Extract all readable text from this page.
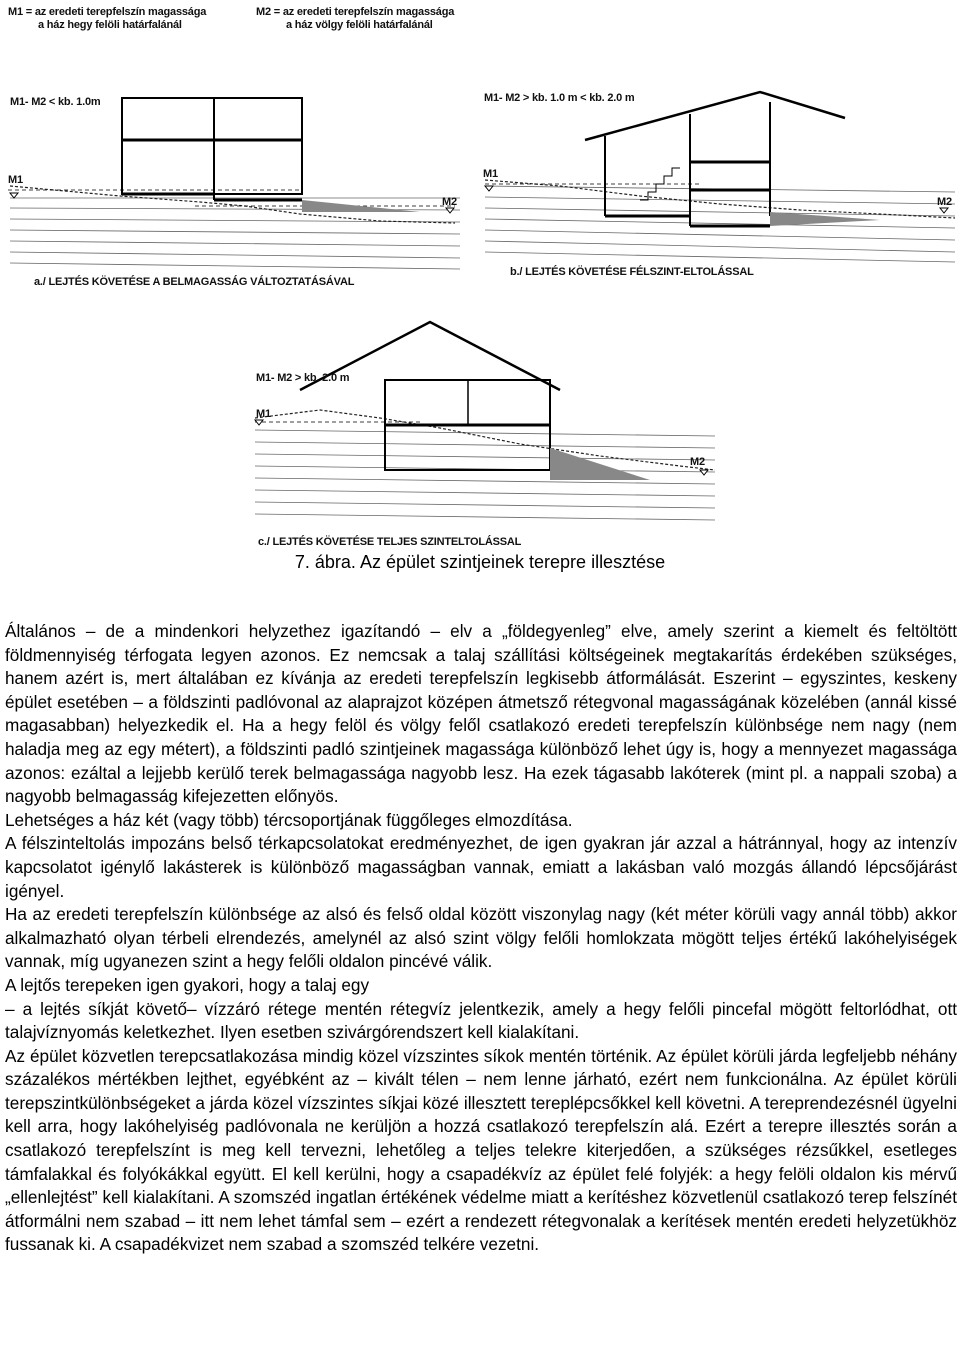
M1 = az eredeti terepfelszín magassága
a ház hegy felöli határfalánál
M2 = az eredeti terepfelszín magassága
a ház völgy felöli határfalánál
M1- M2 < kb. 1.0m
M1
M2
a./ LEJTÉS KÖVETÉSE A BELMAGASSÁG VÁLTOZTATÁSÁVAL
M1- M2 > kb. 1.0 m < kb. 2.0 m
M1
M2
b./ LEJTÉS KÖVETÉSE FÉLSZINT-ELTOLÁSSAL
M1- M2 > kb. 2.0 m
M1
M2
c./ LEJTÉS KÖVETÉSE TELJES SZINTELTOLÁSSAL
7. ábra. Az épület szintjeinek terepre illesztése

Általános – de a mindenkori helyzethez igazítandó – elv a „földegyenleg” elve, amely szerint a kiemelt és feltöltött földmennyiség térfogata legyen azonos. Ez nemcsak a talaj szállítási költségeinek megtakarítás érdekében szükséges, hanem azért is, mert általában ez kívánja az eredeti terepfelszín legkisebb átformálását. Eszerint – egyszintes, keskeny épület esetében – a földszinti padlóvonal az alaprajzot középen átmetsző rétegvonal magasságának közelében (annál kissé magasabban) helyezkedik el. Ha a hegy felöl és völgy felől csatlakozó eredeti terepfelszín különbsége nem nagy (nem haladja meg az egy métert), a földszinti padló szintjeinek magassága különböző lehet úgy is, hogy a mennyezet magassága azonos: ezáltal a lejjebb kerülő terek belmagassága nagyobb lesz. Ha ezek tágasabb lakóterek (mint pl. a nappali szoba) a nagyobb belmagasság kifejezetten előnyös.

Lehetséges a ház két (vagy több) tércsoportjának függőleges elmozdítása.

A félszinteltolás impozáns belső térkapcsolatokat eredményezhet, de igen gyakran jár azzal a hátránnyal, hogy az intenzív kapcsolatot igénylő lakásterek is különböző magasságban vannak, emiatt a lakásban való mozgás állandó lépcsőjárást igényel.

Ha az eredeti terepfelszín különbsége az alsó és felső oldal között viszonylag nagy (két méter körüli vagy annál több) akkor alkalmazható olyan térbeli elrendezés, amelynél az alsó szint völgy felőli homlokzata mögött teljes értékű lakóhelyiségek vannak, míg ugyanezen szint a hegy felőli oldalon pincévé válik.

A lejtős terepeken igen gyakori, hogy a talaj egy

– a lejtés síkját követő– vízzáró rétege mentén rétegvíz jelentkezik, amely a hegy felőli pincefal mögött feltorlódhat, ott talajvíznyomás keletkezhet. Ilyen esetben szivárgórendszert kell kialakítani.

Az épület közvetlen terepcsatlakozása mindig közel vízszintes síkok mentén történik. Az épület körüli járda legfeljebb néhány százalékos mértékben lejthet, egyébként az – kivált télen – nem lenne járható, ezért nem funkcionálna. Az épület körüli terepszintkülönbségeket a járda közel vízszintes síkjai közé illesztett tereplépcsőkkel kell követni. A tereprendezésnél ügyelni kell arra, hogy lakóhelyiség padlóvonala ne kerüljön a hozzá csatlakozó terepfelszín alá. Ezért a terepre illesztés során a csatlakozó terepfelszínt is meg kell tervezni, lehetőleg a teljes telekre kiterjedően, a szükséges rézsűkkel, esetleges támfalakkal és folyókákkal együtt. El kell kerülni, hogy a csapadékvíz az épület felé folyjék: a hegy felöli oldalon kis mérvű „ellenlejtést” kell kialakítani. A szomszéd ingatlan értékének védelme miatt a kerítéshez közvetlenül csatlakozó terep felszínét átformálni nem szabad – itt nem lehet támfal sem – ezért a rendezett rétegvonalak a kerítések mentén eredeti helyzetükhöz fussanak ki. A csapadékvizet nem szabad a szomszéd telkére vezetni.
